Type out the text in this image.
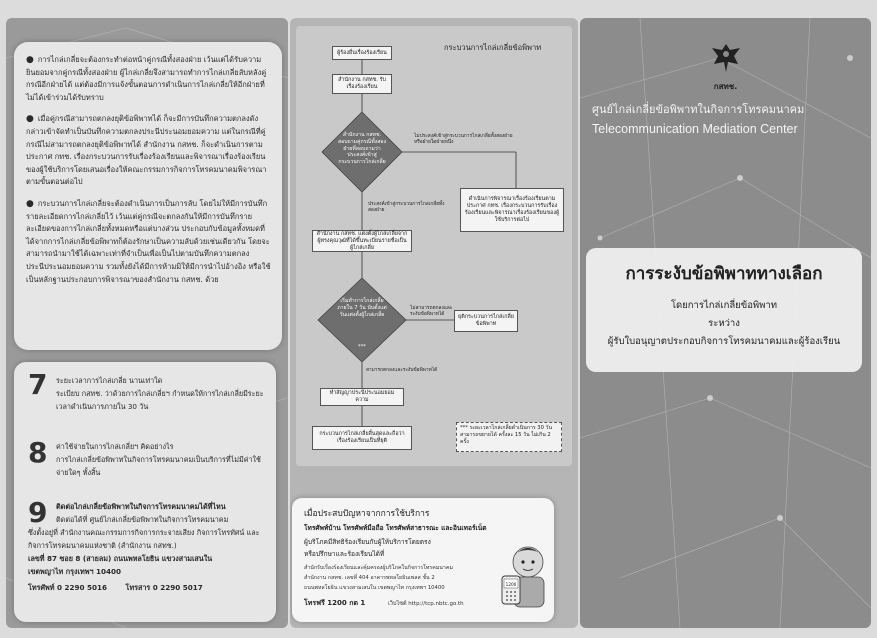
● การไกล่เกลี่ยจะต้องกระทำต่อหน้าคู่กรณีทั้งสองฝ่าย เว้นแต่ได้รับความยินยอมจากคู่กรณีทั้งสองฝ่าย ผู้ไกล่เกลี่ยจึงสามารถทำการไกล่เกลี่ยลับหลังคู่กรณีอีกฝ่ายได้ แต่ต้องมีการแจ้งขั้นตอนการดำเนินการไกล่เกลี่ยให้อีกฝ่ายที่ไม่ได้เข้าร่วมได้รับทราบ

● เมื่อคู่กรณีสามารถตกลงยุติข้อพิพาทได้ ก็จะมีการบันทึกความตกลงดังกล่าวเข้าจัดทำเป็นบันทึกความตกลงประนีประนอมยอมความ แต่ในกรณีที่คู่กรณีไม่สามารถตกลงยุติข้อพิพาทได้ สำนักงาน กสทช. ก็จะดำเนินการตามประกาศ กทช. เรื่องกระบวนการรับเรื่องร้องเรียนและพิจารณาเรื่องร้องเรียนของผู้ใช้บริการโดยเสนอเรื่องให้คณะกรรมการกิจการโทรคมนาคมพิจารณาตามขั้นตอนต่อไป

● กระบวนการไกล่เกลี่ยจะต้องดำเนินการเป็นการลับ โดยไม่ให้มีการบันทึกรายละเอียดการไกล่เกลี่ยไว้ เว้นแต่คู่กรณีจะตกลงกันให้มีการบันทึกรายละเอียดของการไกล่เกลี่ยทั้งหมดหรือแต่บางส่วน ประกอบกับข้อมูลทั้งหมดที่ได้จากการไกล่เกลี่ยข้อพิพาทก็ต้องรักษาเป็นความลับด้วยเช่นเดียวกัน โดยจะสามารถนำมาใช้ได้เฉพาะเท่าที่จำเป็นเพื่อเป็นไปตามบันทึกความตกลงประนีประนอมยอมความ รวมทั้งยังได้มีการห้ามมิให้มีการนำไปอ้างอิง หรือใช้เป็นหลักฐานประกอบการพิจารณาของสำนักงาน กสทช. ด้วย

7	ระยะเวลาการไกล่เกลี่ย นานเท่าใด
ระเบียบ กสทช. ว่าด้วยการไกล่เกลี่ยฯ กำหนดให้การไกล่เกลี่ยมีระยะเวลาดำเนินการภายใน 30 วัน
8	ค่าใช้จ่ายในการไกล่เกลี่ยฯ คิดอย่างไร
การไกล่เกลี่ยข้อพิพาทในกิจการโทรคมนาคมเป็นบริการที่ไม่มีค่าใช้จ่ายใดๆ ทั้งสิ้น
9	ติดต่อไกล่เกลี่ยข้อพิพาทในกิจการโทรคมนาคมได้ที่ไหน
ติดต่อได้ที่ ศูนย์ไกล่เกลี่ยข้อพิพาทในกิจการโทรคมนาคม
ซึ่งตั้งอยู่ที่ สำนักงานคณะกรรมการกิจการกระจายเสียง กิจการโทรทัศน์ และกิจการโทรคมนาคมแห่งชาติ (สำนักงาน กสทช.)
เลขที่ 87 ซอย 8 (สายลม) ถนนพหลโยธิน แขวงสามเสนใน
เขตพญาไท กรุงเทพฯ 10400
โทรศัพท์ 0 2290 5016	โทรสาร 0 2290 5017
กระบวนการไกล่เกลี่ยข้อพิพาท
ผู้ร้องยื่นเรื่องร้องเรียน
สำนักงาน กสทช. รับเรื่องร้องเรียน
สำนักงาน กสทช. สอบถามคู่กรณีทั้งสองฝ่ายที่สอบถามว่าประสงค์เข้าสู่กระบวนการไกล่เกลี่ย
ไม่ประสงค์เข้าสู่กระบวนการไกล่เกลี่ยทั้งสองฝ่าย หรือฝ่ายใดฝ่ายหนึ่ง
ประสงค์เข้าสู่กระบวนการไกล่เกลี่ยทั้งสองฝ่าย
ดำเนินการพิจารณาเรื่องร้องเรียนตามประกาศ กทช. เรื่องกระบวนการรับเรื่องร้องเรียนและพิจารณาเรื่องร้องเรียนของผู้ใช้บริการต่อไป
สำนักงาน กสทช. แต่งตั้งผู้ไกล่เกลี่ยจากผู้ทรงคุณวุฒิที่ได้ขึ้นทะเบียนรายชื่อเป็นผู้ไกล่เกลี่ย
เริ่มทำการไกล่เกลี่ย ภายใน 7 วัน นับตั้งแต่วันแต่งตั้งผู้ไกล่เกลี่ย
***
ไม่สามารถตกลงและระงับข้อพิพาทได้	ยุติกระบวนการไกล่เกลี่ยข้อพิพาท
สามารถตกลงและระงับข้อพิพาทได้
ทำสัญญาประนีประนอมยอมความ
กระบวนการไกล่เกลี่ยสิ้นสุดและถือว่าเรื่องร้องเรียนเป็นที่ยุติ
*** ระยะเวลาไกล่เกลี่ยดำเนินการ 30 วัน สามารถขยายได้ ครั้งละ 15 วัน ไม่เกิน 2 ครั้ง
เมื่อประสบปัญหาจากการใช้บริการ
โทรศัพท์บ้าน โทรศัพท์มือถือ โทรศัพท์สาธารณะ และอินเทอร์เน็ต
ผู้บริโภคมีสิทธิร้องเรียนกับผู้ให้บริการโดยตรง
หรือปรึกษาและร้องเรียนได้ที่
สำนักรับเรื่องร้องเรียนและคุ้มครองผู้บริโภคในกิจการโทรคมนาคม
สำนักงาน กสทช. เลขที่ 404 อาคารพหลโยธินเพลส ชั้น 2
ถนนพหลโยธิน แขวงสามเสนใน เขตพญาไท กรุงเทพฯ 10400
โทรฟรี 1200 กด 1	เว็บไซต์ http://tcp.nbtc.go.th
1200
กสทช.
ศูนย์ไกล่เกลี่ยข้อพิพาทในกิจการโทรคมนาคม
Telecommunication Mediation Center
การระงับข้อพิพาททางเลือก
โดยการไกล่เกลี่ยข้อพิพาท
ระหว่าง
ผู้รับใบอนุญาตประกอบกิจการโทรคมนาคมและผู้ร้องเรียน
